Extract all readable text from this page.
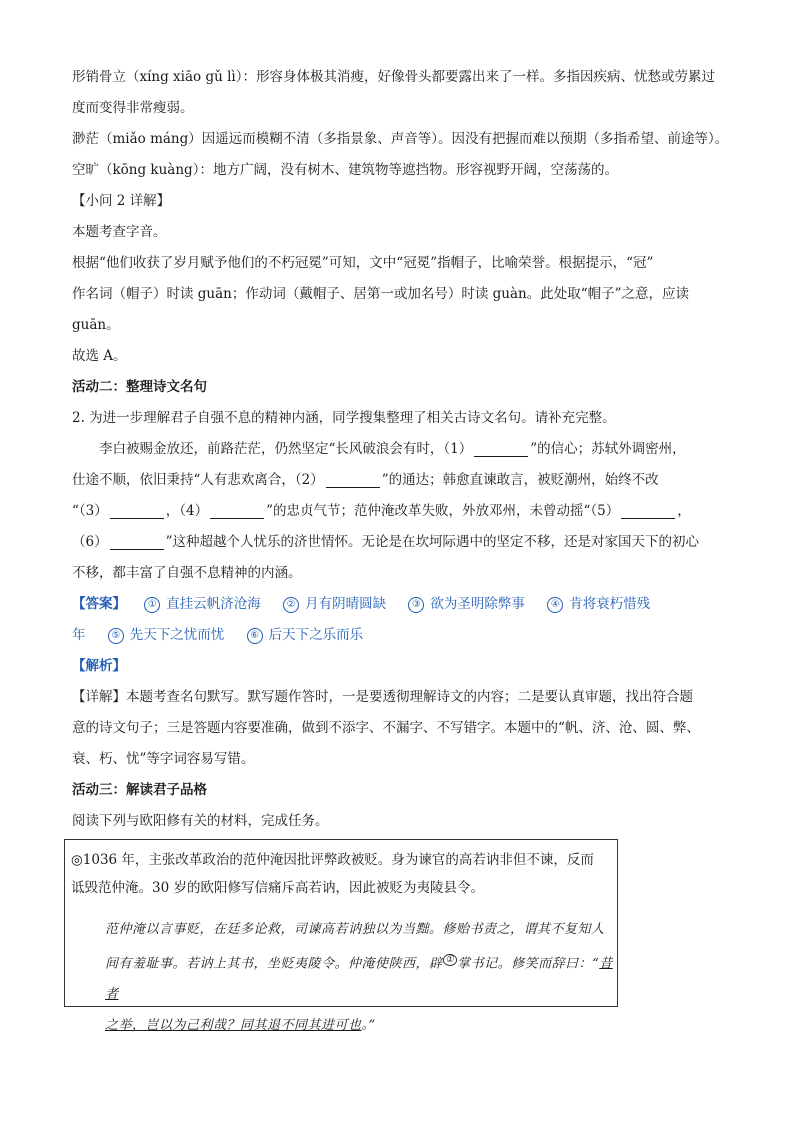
形销骨立（xíng xiāo gǔ lì）：形容身体极其消瘦，好像骨头都要露出来了一样。多指因疾病、忧愁或劳累过
度而变得非常瘦弱。
渺茫（miǎo máng）因遥远而模糊不清（多指景象、声音等）。因没有把握而难以预期（多指希望、前途等）。
空旷（kōng kuàng）：地方广阔，没有树木、建筑物等遮挡物。形容视野开阔，空荡荡的。
【小问 2 详解】
本题考查字音。
根据“他们收获了岁月赋予他们的不朽冠冕”可知，文中“冠冕”指帽子，比喻荣誉。根据提示，“冠”
作名词（帽子）时读 guān；作动词（戴帽子、居第一或加名号）时读 guàn。此处取“帽子”之意，应读
guān。
故选 A。
活动二：整理诗文名句
2. 为进一步理解君子自强不息的精神内涵，同学搜集整理了相关古诗文名句。请补充完整。
李白被赐金放还，前路茫茫，仍然坚定“长风破浪会有时，（1）	”的信心；苏轼外调密州，
仕途不顺，依旧秉持“人有悲欢离合，（2）	”的通达；韩愈直谏敢言，被贬潮州，始终不改
“（3）	，（4）	”的忠贞气节；范仲淹改革失败，外放邓州，未曾动摇“（5）	，
（6）	”这种超越个人忧乐的济世情怀。无论是在坎坷际遇中的坚定不移，还是对家国天下的初心
不移，都丰富了自强不息精神的内涵。
【答案】 ① 直挂云帆济沧海	② 月有阴晴圆缺	③ 欲为圣明除弊事	④ 肯将衰朽惜残
年	⑤ 先天下之忧而忧	⑥ 后天下之乐而乐
【解析】
【详解】本题考查名句默写。默写题作答时，一是要透彻理解诗文的内容；二是要认真审题，找出符合题
意的诗文句子；三是答题内容要准确，做到不添字、不漏字、不写错字。本题中的“帆、济、沧、圆、弊、
衰、朽、忧”等字词容易写错。
活动三：解读君子品格
阅读下列与欧阳修有关的材料，完成任务。
◎1036 年，主张改革政治的范仲淹因批评弊政被贬。身为谏官的高若讷非但不谏，反而
诋毁范仲淹。30 岁的欧阳修写信痛斥高若讷，因此被贬为夷陵县令。
范仲淹以言事贬，在廷多论救，司谏高若讷独以为当黜。修贻书责之，谓其不复知人
间有羞耻事。若讷上其书，坐贬夷陵令。仲淹使陕西，辟 ① 掌书记。修笑而辞曰：“昔者
之举，岂以为己利哉？同其退不同其进可也。”
